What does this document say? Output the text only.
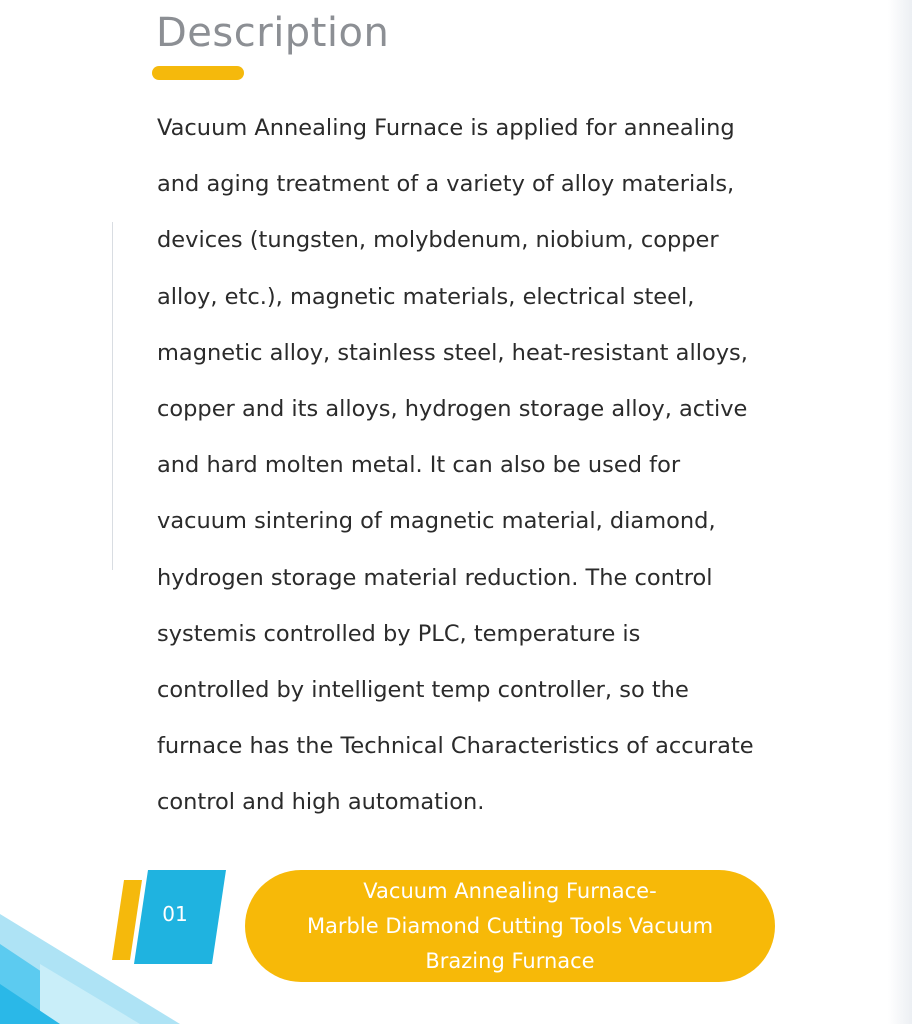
Description

Vacuum Annealing Furnace is applied for annealing
and aging treatment of a variety of alloy materials,
devices (tungsten, molybdenum, niobium, copper
alloy, etc.), magnetic materials, electrical steel,
magnetic alloy, stainless steel, heat-resistant alloys,
copper and its alloys, hydrogen storage alloy, active
and hard molten metal. It can also be used for
vacuum sintering of magnetic material, diamond,
hydrogen storage material reduction. The control
systemis controlled by PLC, temperature is
controlled by intelligent temp controller, so the
furnace has the Technical Characteristics of accurate
control and high automation.

01
Vacuum Annealing Furnace-
Marble Diamond Cutting Tools Vacuum
Brazing Furnace
